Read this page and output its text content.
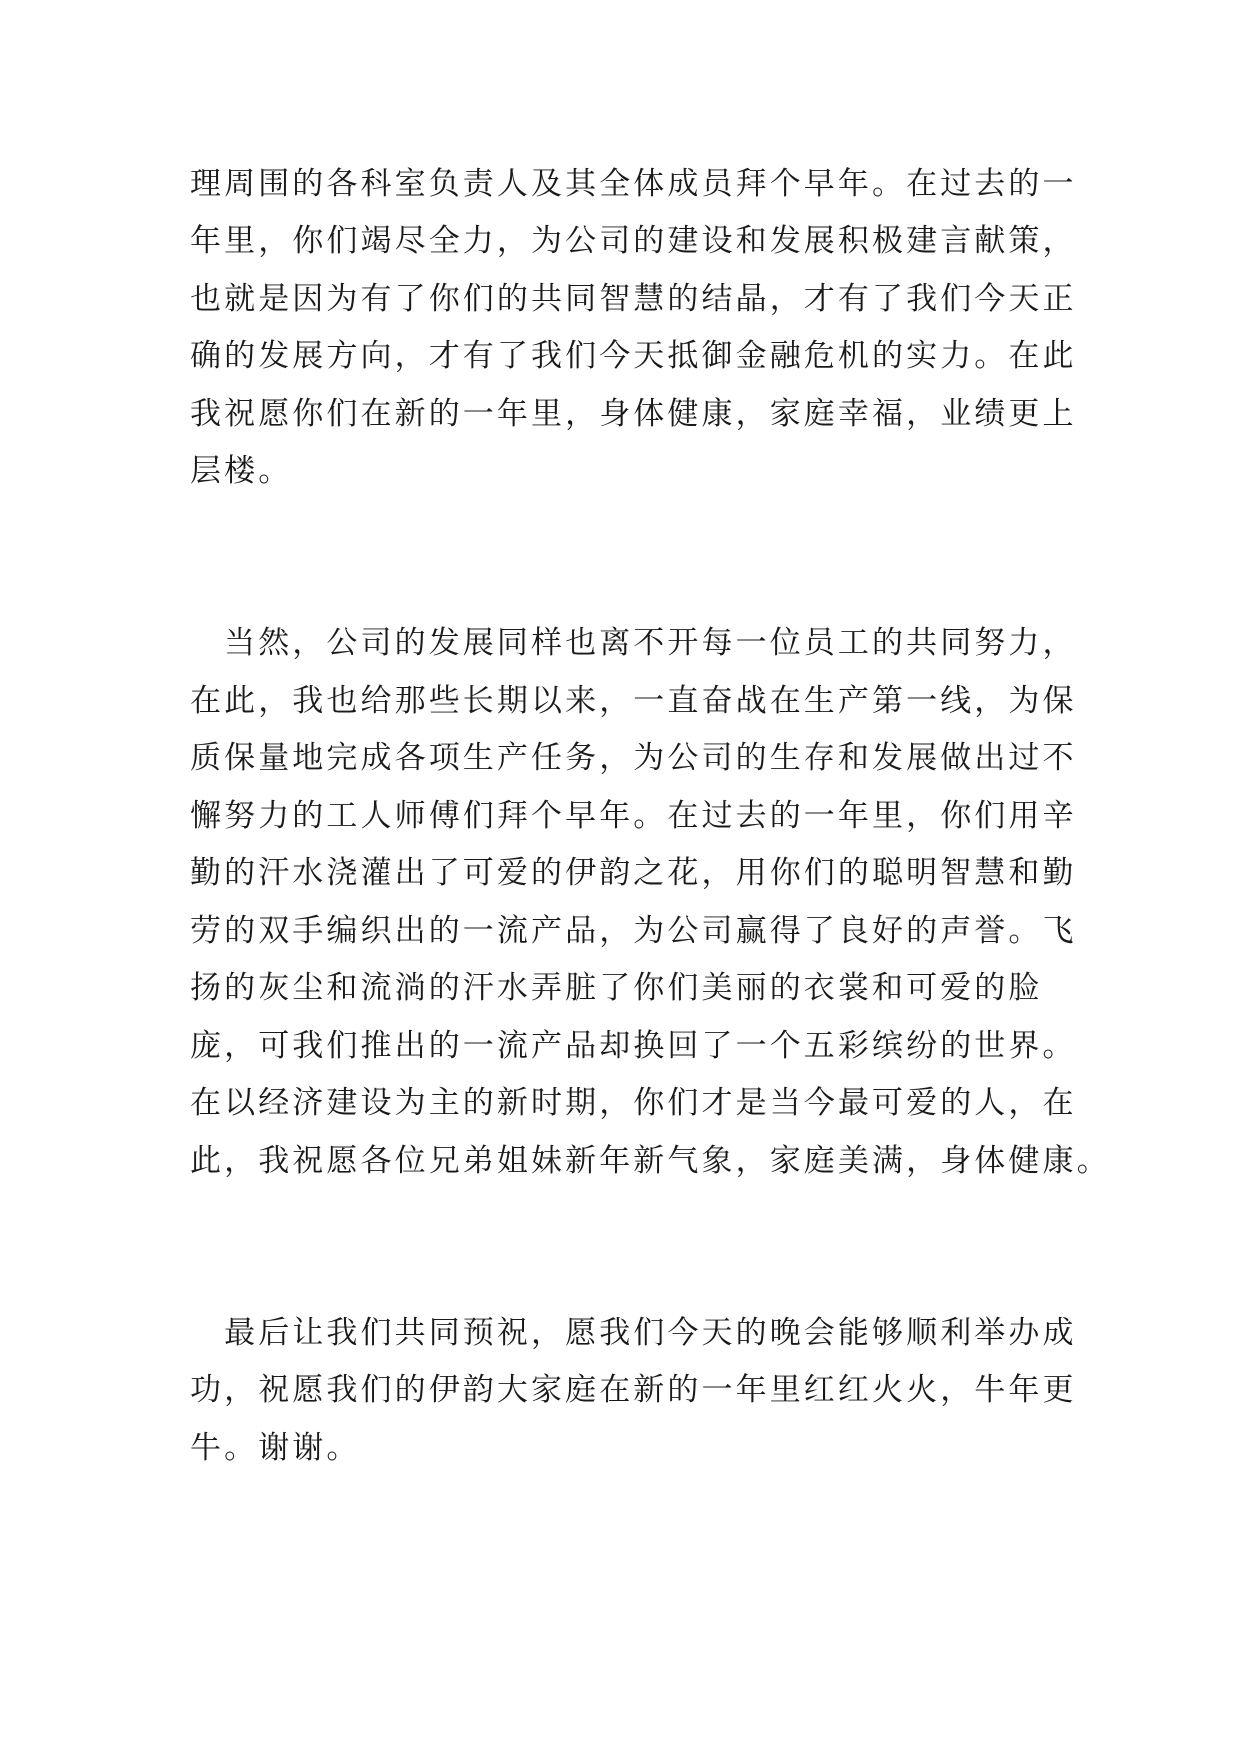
理周围的各科室负责人及其全体成员拜个早年。在过去的一
年里，你们竭尽全力，为公司的建设和发展积极建言献策，
也就是因为有了你们的共同智慧的结晶，才有了我们今天正
确的发展方向，才有了我们今天抵御金融危机的实力。在此
我祝愿你们在新的一年里，身体健康，家庭幸福，业绩更上
层楼。
　当然，公司的发展同样也离不开每一位员工的共同努力，
在此，我也给那些长期以来，一直奋战在生产第一线，为保
质保量地完成各项生产任务，为公司的生存和发展做出过不
懈努力的工人师傅们拜个早年。在过去的一年里，你们用辛
勤的汗水浇灌出了可爱的伊韵之花，用你们的聪明智慧和勤
劳的双手编织出的一流产品，为公司赢得了良好的声誉。飞
扬的灰尘和流淌的汗水弄脏了你们美丽的衣裳和可爱的脸
庞，可我们推出的一流产品却换回了一个五彩缤纷的世界。
在以经济建设为主的新时期，你们才是当今最可爱的人，在
此，我祝愿各位兄弟姐妹新年新气象，家庭美满，身体健康。
　最后让我们共同预祝，愿我们今天的晚会能够顺利举办成
功，祝愿我们的伊韵大家庭在新的一年里红红火火，牛年更
牛。谢谢。
